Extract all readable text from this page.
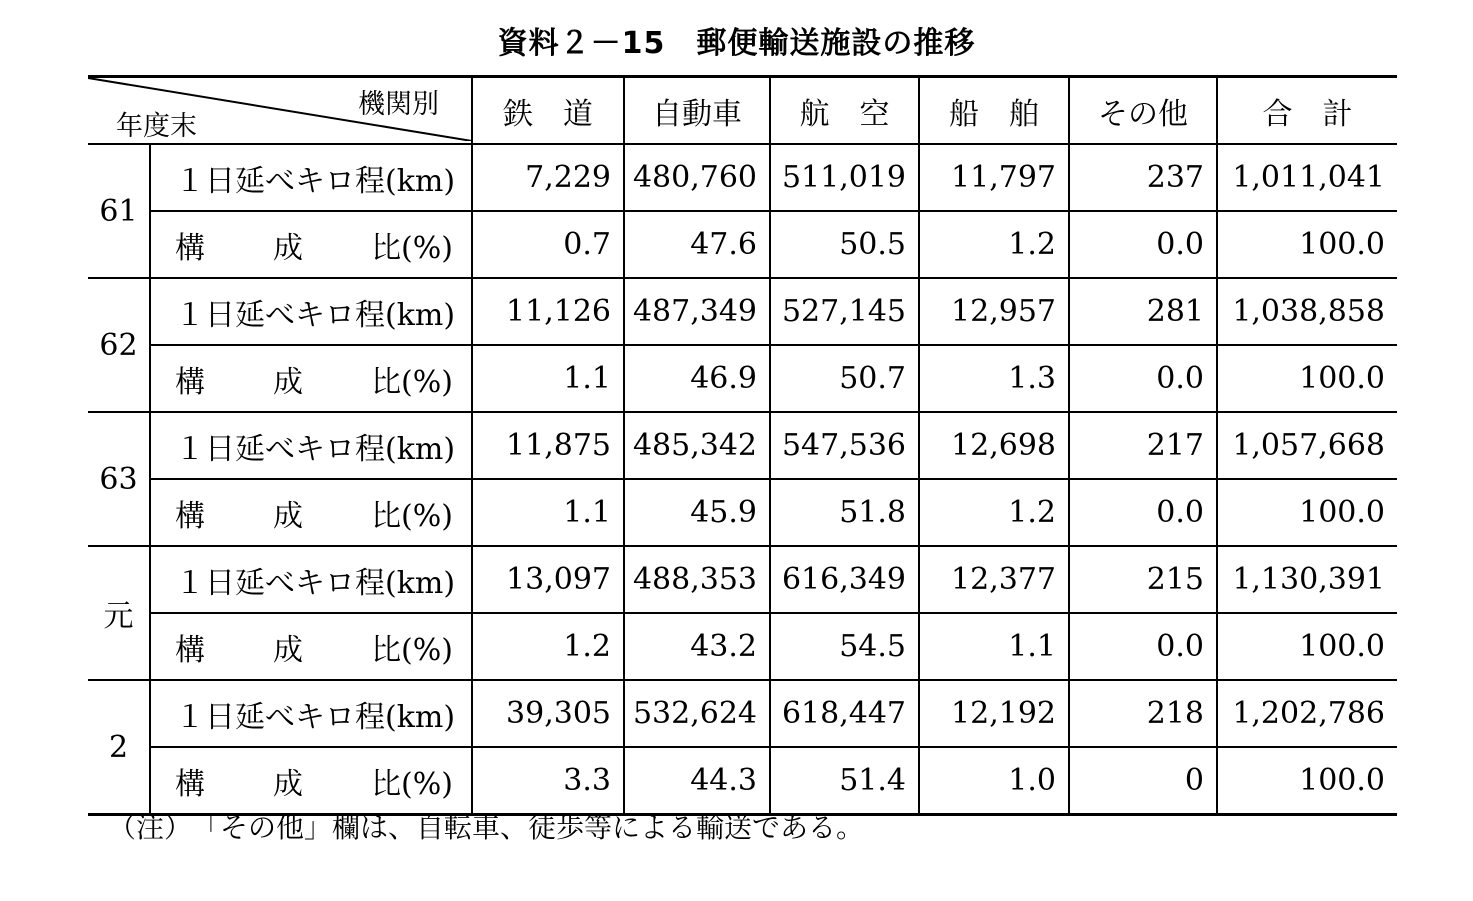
資料２－15　郵便輸送施設の推移
機関別
年度末		鉄　道	自動車	航　空	船　舶	その他	合　計
61	１日延べキロ程(km)	7,229	480,760	511,019	11,797	237	1,011,041

	構 成 比(%)	0.7	47.6	50.5	1.2	0.0	100.0
62	１日延べキロ程(km)	11,126	487,349	527,145	12,957	281	1,038,858

	構 成 比(%)	1.1	46.9	50.7	1.3	0.0	100.0
63	１日延べキロ程(km)	11,875	485,342	547,536	12,698	217	1,057,668

	構 成 比(%)	1.1	45.9	51.8	1.2	0.0	100.0
元	１日延べキロ程(km)	13,097	488,353	616,349	12,377	215	1,130,391

	構 成 比(%)	1.2	43.2	54.5	1.1	0.0	100.0
2	１日延べキロ程(km)	39,305	532,624	618,447	12,192	218	1,202,786

	構 成 比(%)	3.3	44.3	51.4	1.0	0	100.0
（注）　「その他」欄は、自転車、徒歩等による輸送である。
